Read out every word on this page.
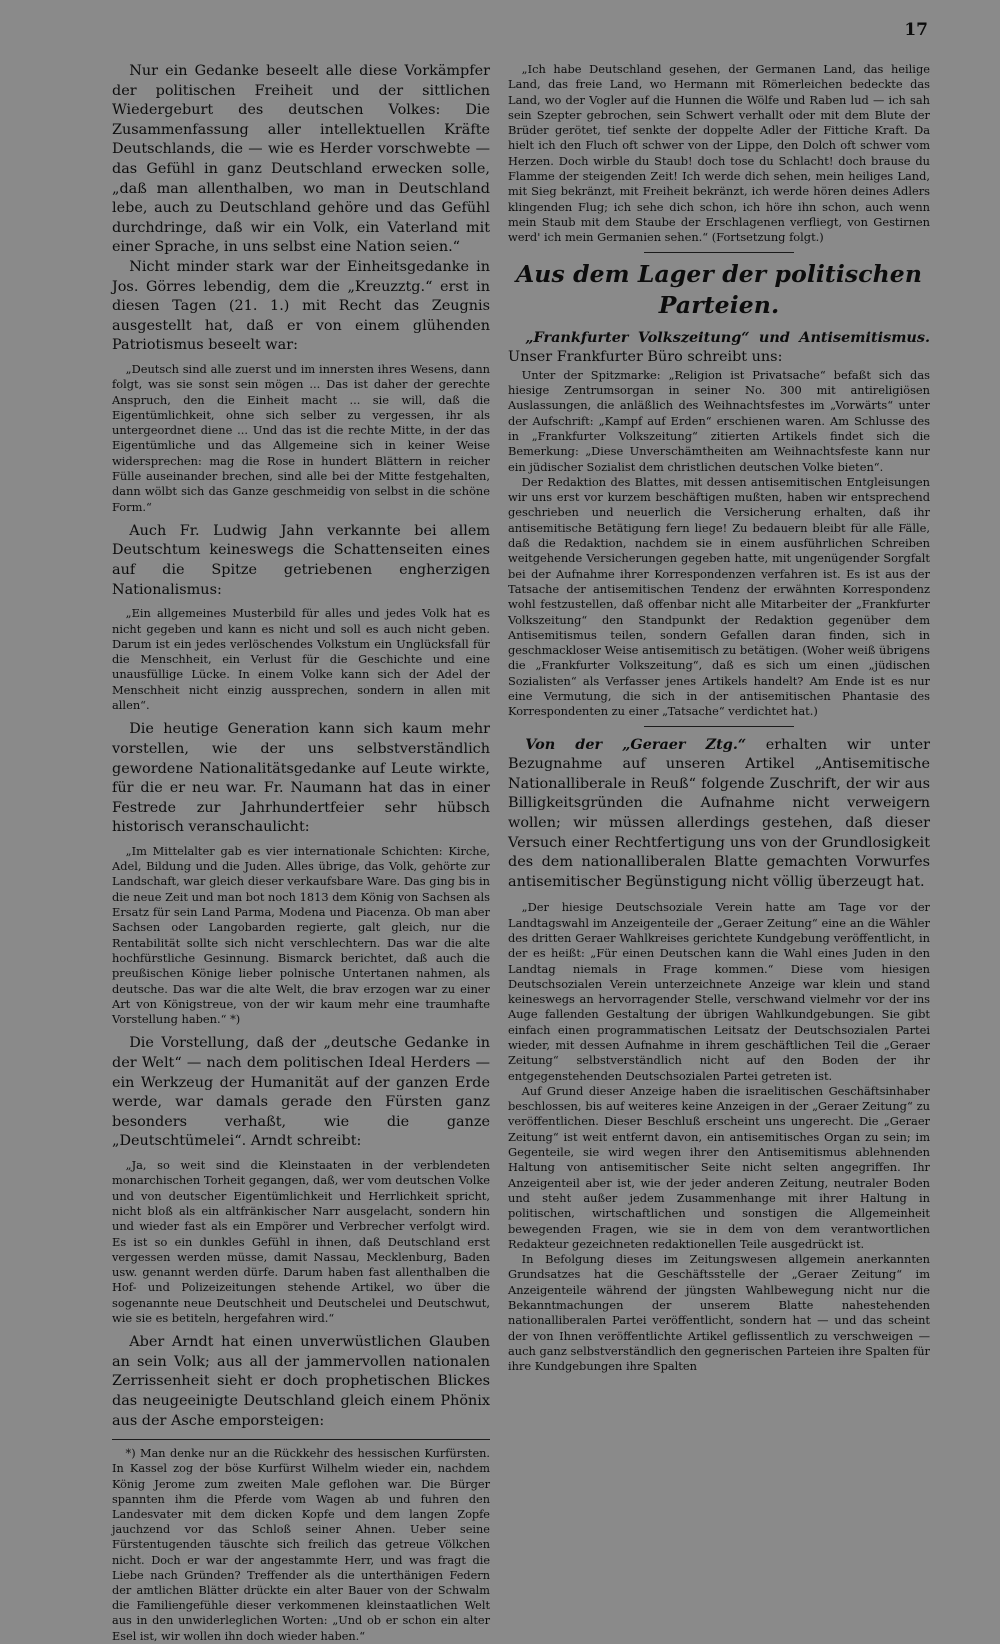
17

Nur ein Gedanke beseelt alle diese Vorkämpfer der politischen Freiheit und der sittlichen Wiedergeburt des deutschen Volkes: Die Zusammenfassung aller intellektuellen Kräfte Deutschlands, die — wie es Herder vorschwebte — das Gefühl in ganz Deutschland erwecken solle, „daß man allenthalben, wo man in Deutschland lebe, auch zu Deutschland gehöre und das Gefühl durchdringe, daß wir ein Volk, ein Vaterland mit einer Sprache, in uns selbst eine Nation seien.“

Nicht minder stark war der Einheitsgedanke in Jos. Görres lebendig, dem die „Kreuzztg.“ erst in diesen Tagen (21. 1.) mit Recht das Zeugnis ausgestellt hat, daß er von einem glühenden Patriotismus beseelt war:

„Deutsch sind alle zuerst und im innersten ihres Wesens, dann folgt, was sie sonst sein mögen ... Das ist daher der gerechte Anspruch, den die Einheit macht ... sie will, daß die Eigentümlichkeit, ohne sich selber zu vergessen, ihr als untergeordnet diene ... Und das ist die rechte Mitte, in der das Eigentümliche und das Allgemeine sich in keiner Weise widersprechen: mag die Rose in hundert Blättern in reicher Fülle auseinander brechen, sind alle bei der Mitte festgehalten, dann wölbt sich das Ganze geschmeidig von selbst in die schöne Form.“

Auch Fr. Ludwig Jahn verkannte bei allem Deutschtum keineswegs die Schattenseiten eines auf die Spitze getriebenen engherzigen Nationalismus:

„Ein allgemeines Musterbild für alles und jedes Volk hat es nicht gegeben und kann es nicht und soll es auch nicht geben. Darum ist ein jedes verlöschendes Volkstum ein Unglücksfall für die Menschheit, ein Verlust für die Geschichte und eine unausfüllige Lücke. In einem Volke kann sich der Adel der Menschheit nicht einzig aussprechen, sondern in allen mit allen“.

Die heutige Generation kann sich kaum mehr vorstellen, wie der uns selbstverständlich gewordene Nationalitätsgedanke auf Leute wirkte, für die er neu war. Fr. Naumann hat das in einer Festrede zur Jahrhundertfeier sehr hübsch historisch veranschaulicht:

„Im Mittelalter gab es vier internationale Schichten: Kirche, Adel, Bildung und die Juden. Alles übrige, das Volk, gehörte zur Landschaft, war gleich dieser verkaufsbare Ware. Das ging bis in die neue Zeit und man bot noch 1813 dem König von Sachsen als Ersatz für sein Land Parma, Modena und Piacenza. Ob man aber Sachsen oder Langobarden regierte, galt gleich, nur die Rentabilität sollte sich nicht verschlechtern. Das war die alte hochfürstliche Gesinnung. Bismarck berichtet, daß auch die preußischen Könige lieber polnische Untertanen nahmen, als deutsche. Das war die alte Welt, die brav erzogen war zu einer Art von Königstreue, von der wir kaum mehr eine traumhafte Vorstellung haben.“ *)

Die Vorstellung, daß der „deutsche Gedanke in der Welt“ — nach dem politischen Ideal Herders — ein Werkzeug der Humanität auf der ganzen Erde werde, war damals gerade den Fürsten ganz besonders verhaßt, wie die ganze „Deutschtümelei“. Arndt schreibt:

„Ja, so weit sind die Kleinstaaten in der verblendeten monarchischen Torheit gegangen, daß, wer vom deutschen Volke und von deutscher Eigentümlichkeit und Herrlichkeit spricht, nicht bloß als ein altfränkischer Narr ausgelacht, sondern hin und wieder fast als ein Empörer und Verbrecher verfolgt wird. Es ist so ein dunkles Gefühl in ihnen, daß Deutschland erst vergessen werden müsse, damit Nassau, Mecklenburg, Baden usw. genannt werden dürfe. Darum haben fast allenthalben die Hof- und Polizeizeitungen stehende Artikel, wo über die sogenannte neue Deutschheit und Deutschelei und Deutschwut, wie sie es betiteln, hergefahren wird.“

Aber Arndt hat einen unverwüstlichen Glauben an sein Volk; aus all der jammervollen nationalen Zerrissenheit sieht er doch prophetischen Blickes das neugeeinigte Deutschland gleich einem Phönix aus der Asche emporsteigen:

*) Man denke nur an die Rückkehr des hessischen Kurfürsten. In Kassel zog der böse Kurfürst Wilhelm wieder ein, nachdem König Jerome zum zweiten Male geflohen war. Die Bürger spannten ihm die Pferde vom Wagen ab und fuhren den Landesvater mit dem dicken Kopfe und dem langen Zopfe jauchzend vor das Schloß seiner Ahnen. Ueber seine Fürstentugenden täuschte sich freilich das getreue Völkchen nicht. Doch er war der angestammte Herr, und was fragt die Liebe nach Gründen? Treffender als die unterthänigen Federn der amtlichen Blätter drückte ein alter Bauer von der Schwalm die Familiengefühle dieser verkommenen kleinstaatlichen Welt aus in den unwiderleglichen Worten: „Und ob er schon ein alter Esel ist, wir wollen ihn doch wieder haben.“

„Ich habe Deutschland gesehen, der Germanen Land, das heilige Land, das freie Land, wo Hermann mit Römerleichen bedeckte das Land, wo der Vogler auf die Hunnen die Wölfe und Raben lud — ich sah sein Szepter gebrochen, sein Schwert verhallt oder mit dem Blute der Brüder gerötet, tief senkte der doppelte Adler der Fittiche Kraft. Da hielt ich den Fluch oft schwer von der Lippe, den Dolch oft schwer vom Herzen. Doch wirble du Staub! doch tose du Schlacht! doch brause du Flamme der steigenden Zeit! Ich werde dich sehen, mein heiliges Land, mit Sieg bekränzt, mit Freiheit bekränzt, ich werde hören deines Adlers klingenden Flug; ich sehe dich schon, ich höre ihn schon, auch wenn mein Staub mit dem Staube der Erschlagenen verfliegt, von Gestirnen werd' ich mein Germanien sehen.“ (Fortsetzung folgt.)

Aus dem Lager der politischen Parteien.

„Frankfurter Volkszeitung“ und Antisemitismus. Unser Frankfurter Büro schreibt uns:

Unter der Spitzmarke: „Religion ist Privatsache“ befaßt sich das hiesige Zentrumsorgan in seiner No. 300 mit antireligiösen Auslassungen, die anläßlich des Weihnachtsfestes im „Vorwärts“ unter der Aufschrift: „Kampf auf Erden“ erschienen waren. Am Schlusse des in „Frankfurter Volkszeitung“ zitierten Artikels findet sich die Bemerkung: „Diese Unverschämtheiten am Weihnachtsfeste kann nur ein jüdischer Sozialist dem christlichen deutschen Volke bieten“.

Der Redaktion des Blattes, mit dessen antisemitischen Entgleisungen wir uns erst vor kurzem beschäftigen mußten, haben wir entsprechend geschrieben und neuerlich die Versicherung erhalten, daß ihr antisemitische Betätigung fern liege! Zu bedauern bleibt für alle Fälle, daß die Redaktion, nachdem sie in einem ausführlichen Schreiben weitgehende Versicherungen gegeben hatte, mit ungenügender Sorgfalt bei der Aufnahme ihrer Korrespondenzen verfahren ist. Es ist aus der Tatsache der antisemitischen Tendenz der erwähnten Korrespondenz wohl festzustellen, daß offenbar nicht alle Mitarbeiter der „Frankfurter Volkszeitung“ den Standpunkt der Redaktion gegenüber dem Antisemitismus teilen, sondern Gefallen daran finden, sich in geschmackloser Weise antisemitisch zu betätigen. (Woher weiß übrigens die „Frankfurter Volkszeitung“, daß es sich um einen „jüdischen Sozialisten“ als Verfasser jenes Artikels handelt? Am Ende ist es nur eine Vermutung, die sich in der antisemitischen Phantasie des Korrespondenten zu einer „Tatsache“ verdichtet hat.)

Von der „Geraer Ztg.“ erhalten wir unter Bezugnahme auf unseren Artikel „Antisemitische Nationalliberale in Reuß“ folgende Zuschrift, der wir aus Billigkeitsgründen die Aufnahme nicht verweigern wollen; wir müssen allerdings gestehen, daß dieser Versuch einer Rechtfertigung uns von der Grundlosigkeit des dem nationalliberalen Blatte gemachten Vorwurfes antisemitischer Begünstigung nicht völlig überzeugt hat.

„Der hiesige Deutschsoziale Verein hatte am Tage vor der Landtagswahl im Anzeigenteile der „Geraer Zeitung“ eine an die Wähler des dritten Geraer Wahlkreises gerichtete Kundgebung veröffentlicht, in der es heißt: „Für einen Deutschen kann die Wahl eines Juden in den Landtag niemals in Frage kommen.“ Diese vom hiesigen Deutschsozialen Verein unterzeichnete Anzeige war klein und stand keineswegs an hervorragender Stelle, verschwand vielmehr vor der ins Auge fallenden Gestaltung der übrigen Wahlkundgebungen. Sie gibt einfach einen programmatischen Leitsatz der Deutschsozialen Partei wieder, mit dessen Aufnahme in ihrem geschäftlichen Teil die „Geraer Zeitung“ selbstverständlich nicht auf den Boden der ihr entgegenstehenden Deutschsozialen Partei getreten ist.

Auf Grund dieser Anzeige haben die israelitischen Geschäftsinhaber beschlossen, bis auf weiteres keine Anzeigen in der „Geraer Zeitung“ zu veröffentlichen. Dieser Beschluß erscheint uns ungerecht. Die „Geraer Zeitung“ ist weit entfernt davon, ein antisemitisches Organ zu sein; im Gegenteile, sie wird wegen ihrer den Antisemitismus ablehnenden Haltung von antisemitischer Seite nicht selten angegriffen. Ihr Anzeigenteil aber ist, wie der jeder anderen Zeitung, neutraler Boden und steht außer jedem Zusammenhange mit ihrer Haltung in politischen, wirtschaftlichen und sonstigen die Allgemeinheit bewegenden Fragen, wie sie in dem von dem verantwortlichen Redakteur gezeichneten redaktionellen Teile ausgedrückt ist.

In Befolgung dieses im Zeitungswesen allgemein anerkannten Grundsatzes hat die Geschäftsstelle der „Geraer Zeitung“ im Anzeigenteile während der jüngsten Wahlbewegung nicht nur die Bekanntmachungen der unserem Blatte nahestehenden nationalliberalen Partei veröffentlicht, sondern hat — und das scheint der von Ihnen veröffentlichte Artikel geflissentlich zu verschweigen — auch ganz selbstverständlich den gegnerischen Parteien ihre Spalten für ihre Kundgebungen ihre Spalten
